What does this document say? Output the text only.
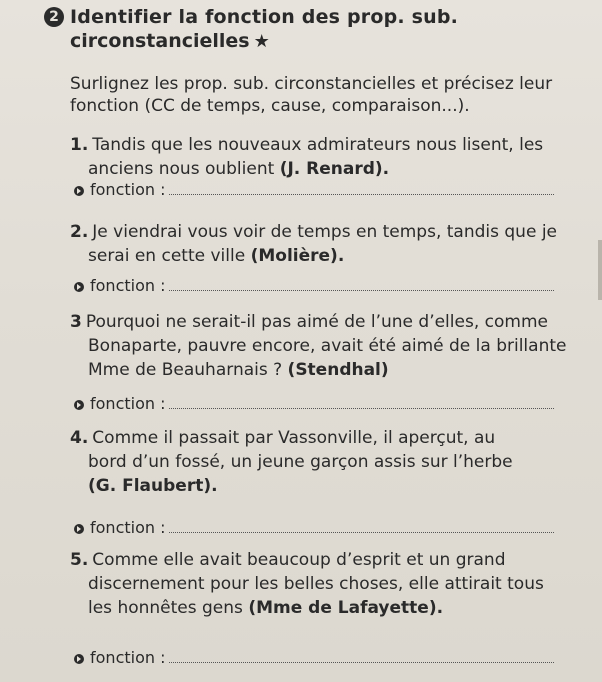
2 Identifier la fonction des prop. sub.
circonstancielles ★
Surlignez les prop. sub. circonstancielles et précisez leur fonction (CC de temps, cause, comparaison...).
1. Tandis que les nouveaux admirateurs nous lisent, les
anciens nous oublient (J. Renard).
fonction :
2. Je viendrai vous voir de temps en temps, tandis que je
serai en cette ville (Molière).
fonction :
3 Pourquoi ne serait-il pas aimé de l’une d’elles, comme
Bonaparte, pauvre encore, avait été aimé de la brillante
Mme de Beauharnais ? (Stendhal)
fonction :
4. Comme il passait par Vassonville, il aperçut, au
bord d’un fossé, un jeune garçon assis sur l’herbe
(G. Flaubert).
fonction :
5. Comme elle avait beaucoup d’esprit et un grand
discernement pour les belles choses, elle attirait tous
les honnêtes gens (Mme de Lafayette).
fonction :
